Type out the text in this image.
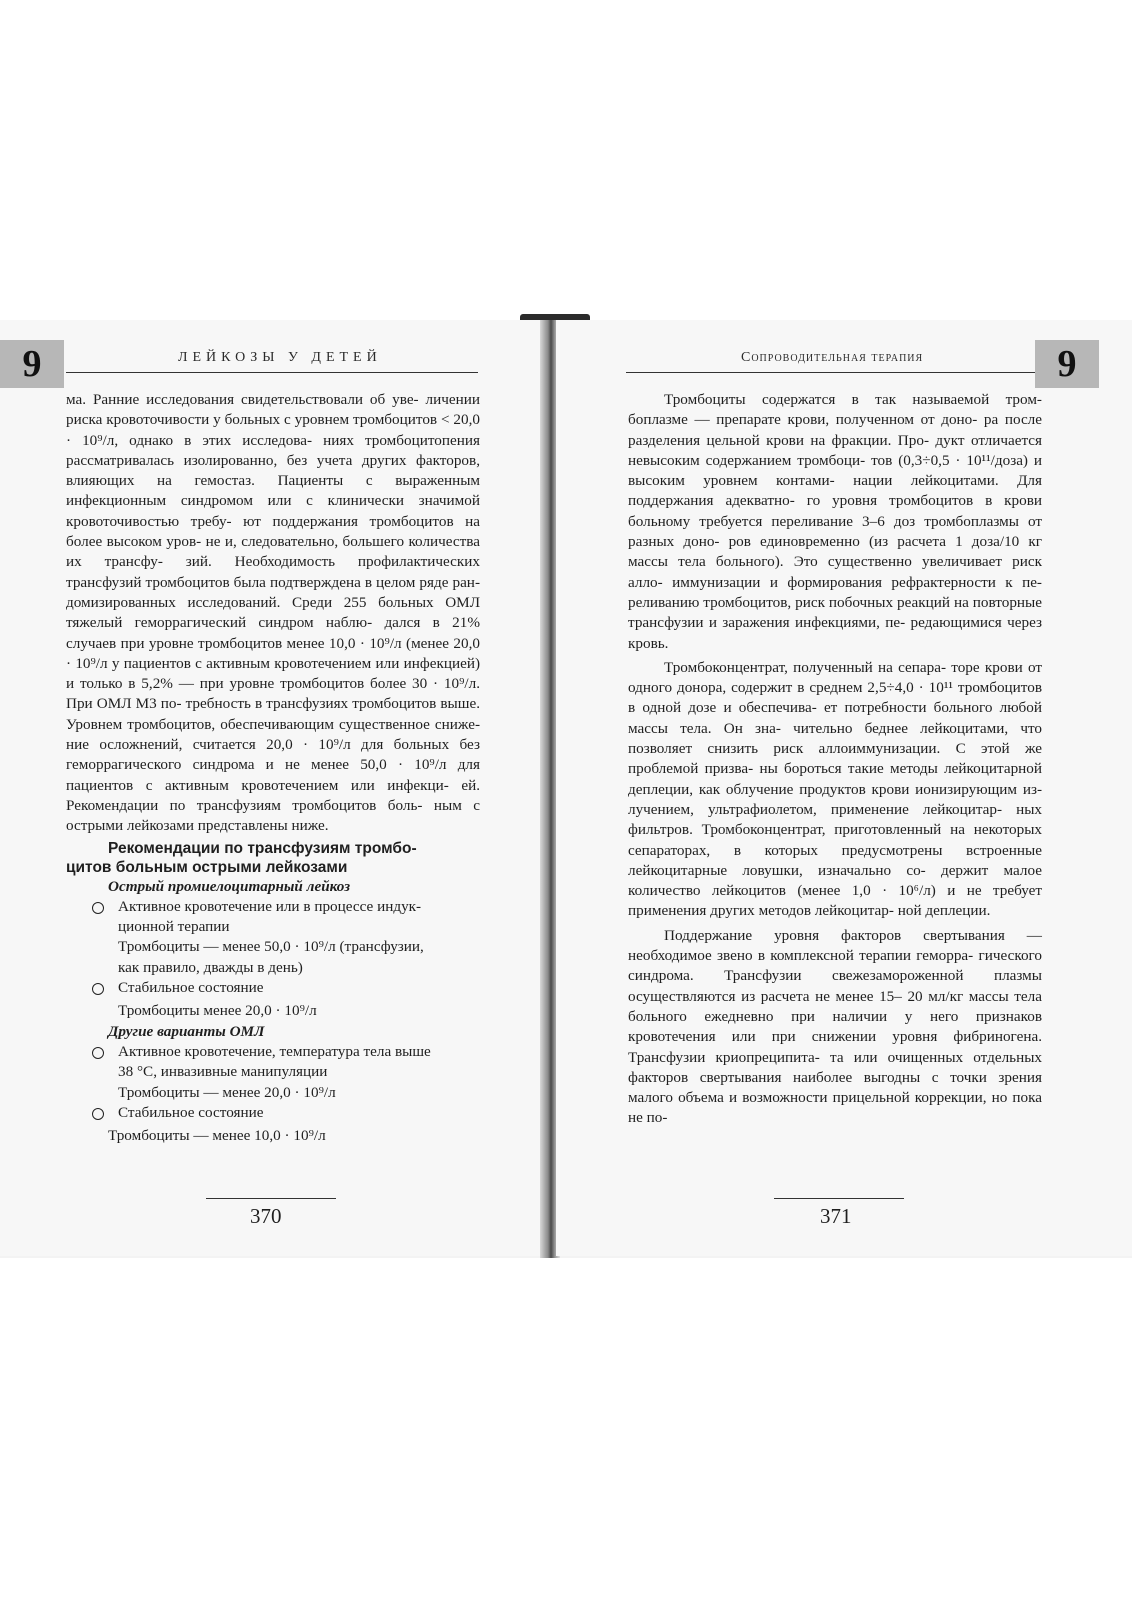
9	ЛЕЙКОЗЫ У ДЕТЕЙ

ма. Ранние исследования свидетельствовали об уве- личении риска кровоточивости у больных с уровнем тромбоцитов < 20,0 · 10⁹/л, однако в этих исследова- ниях тромбоцитопения рассматривалась изолированно, без учета других факторов, влияющих на гемостаз. Пациенты с выраженным инфекционным синдромом или с клинически значимой кровоточивостью требу- ют поддержания тромбоцитов на более высоком уров- не и, следовательно, большего количества их трансфу- зий. Необходимость профилактических трансфузий тромбоцитов была подтверждена в целом ряде ран- домизированных исследований. Среди 255 больных ОМЛ тяжелый геморрагический синдром наблю- дался в 21% случаев при уровне тромбоцитов менее 10,0 · 10⁹/л (менее 20,0 · 10⁹/л у пациентов с активным кровотечением или инфекцией) и только в 5,2% — при уровне тромбоцитов более 30 · 10⁹/л. При ОМЛ М3 по- требность в трансфузиях тромбоцитов выше. Уровнем тромбоцитов, обеспечивающим существенное сниже- ние осложнений, считается 20,0 · 10⁹/л для больных без геморрагического синдрома и не менее 50,0 · 10⁹/л для пациентов с активным кровотечением или инфекци- ей. Рекомендации по трансфузиям тромбоцитов боль- ным с острыми лейкозами представлены ниже.

Рекомендации по трансфузиям тромбо-
цитов больным острыми лейкозами

Острый промиелоцитарный лейкоз

Активное кровотечение или в процессе индук-
ционной терапии

Тромбоциты — менее 50,0 · 10⁹/л (трансфузии,

как правило, дважды в день)

Стабильное состояние

Тромбоциты менее 20,0 · 10⁹/л

Другие варианты ОМЛ

Активное кровотечение, температура тела выше
38 °С, инвазивные манипуляции

Тромбоциты — менее 20,0 · 10⁹/л

Стабильное состояние

Тромбоциты — менее 10,0 · 10⁹/л

370
Сопроводительная терапия	9

Тромбоциты содержатся в так называемой тром- боплазме — препарате крови, полученном от доно- ра после разделения цельной крови на фракции. Про- дукт отличается невысоким содержанием тромбоци- тов (0,3÷0,5 · 10¹¹/доза) и высоким уровнем контами- нации лейкоцитами. Для поддержания адекватно- го уровня тромбоцитов в крови больному требуется переливание 3–6 доз тромбоплазмы от разных доно- ров единовременно (из расчета 1 доза/10 кг массы тела больного). Это существенно увеличивает риск алло- иммунизации и формирования рефрактерности к пе- реливанию тромбоцитов, риск побочных реакций на повторные трансфузии и заражения инфекциями, пе- редающимися через кровь.

Тромбоконцентрат, полученный на сепара- торе крови от одного донора, содержит в среднем 2,5÷4,0 · 10¹¹ тромбоцитов в одной дозе и обеспечива- ет потребности больного любой массы тела. Он зна- чительно беднее лейкоцитами, что позволяет снизить риск аллоиммунизации. С этой же проблемой призва- ны бороться такие методы лейкоцитарной деплеции, как облучение продуктов крови ионизирующим из- лучением, ультрафиолетом, применение лейкоцитар- ных фильтров. Тромбоконцентрат, приготовленный на некоторых сепараторах, в которых предусмотрены встроенные лейкоцитарные ловушки, изначально со- держит малое количество лейкоцитов (менее 1,0 · 10⁶/л) и не требует применения других методов лейкоцитар- ной деплеции.

Поддержание уровня факторов свертывания — необходимое звено в комплексной терапии геморра- гического синдрома. Трансфузии свежезамороженной плазмы осуществляются из расчета не менее 15– 20 мл/кг массы тела больного ежедневно при наличии у него признаков кровотечения или при снижении уровня фибриногена. Трансфузии криопреципита- та или очищенных отдельных факторов свертывания наиболее выгодны с точки зрения малого объема и возможности прицельной коррекции, но пока не по-

371
